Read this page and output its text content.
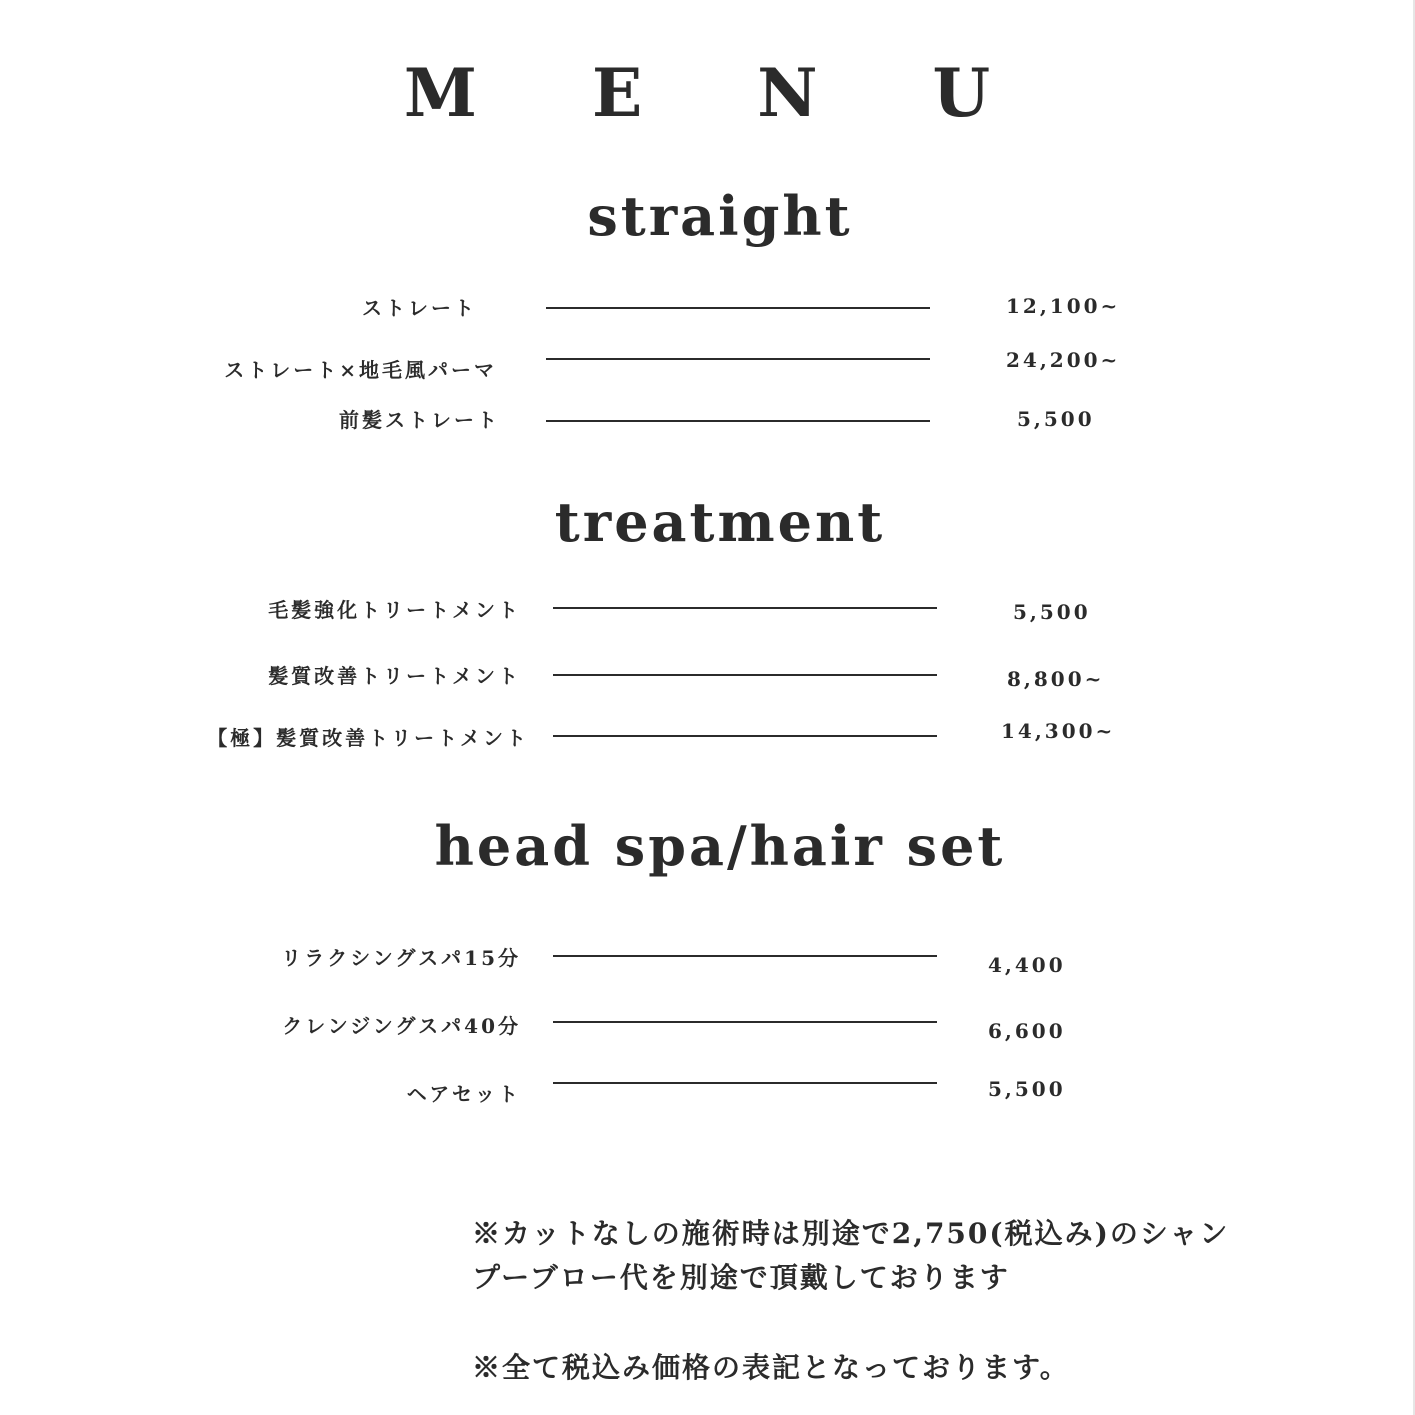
M E N U
straight
ストレート	12,100~
ストレート×地毛風パーマ	24,200~
前髪ストレート	5,500
treatment
毛髪強化トリートメント	5,500
髪質改善トリートメント	8,800~
【極】髪質改善トリートメント	14,300~
head spa/hair set
リラクシングスパ15分	4,400
クレンジングスパ40分	6,600
ヘアセット	5,500
※カットなしの施術時は別途で2,750(税込み)のシャン
プーブロー代を別途で頂戴しております
※全て税込み価格の表記となっております。
